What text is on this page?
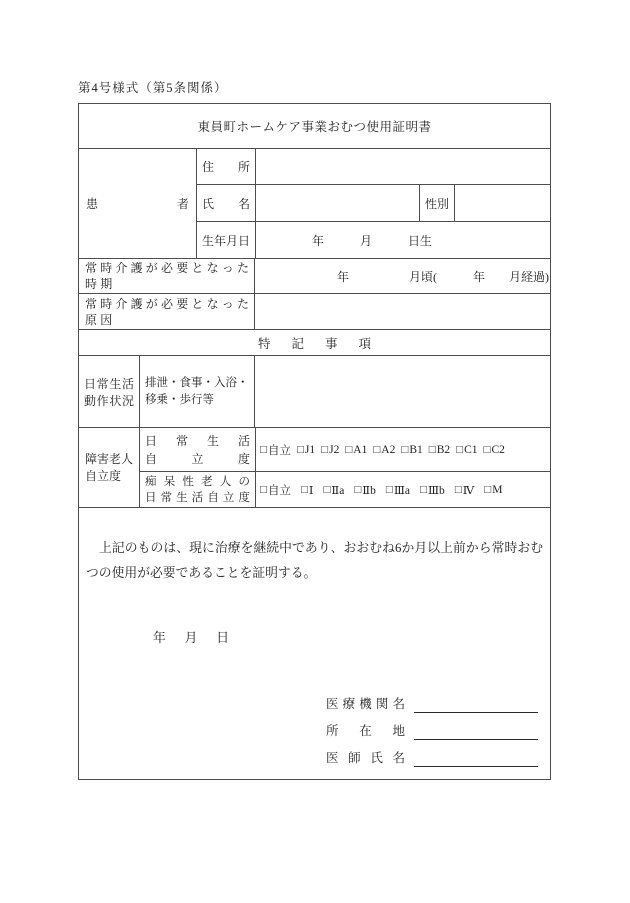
第4号様式（第5条関係）
東員町ホームケア事業おむつ使用証明書
患者
住所
氏名	性別
生年月日	年　　　月　　　日生
常時介護が必要となった
時期
年　　　　　月頃(　　　年　　月経過)
常時介護が必要となった
原因
特記事項
日常生活
動作状況
排泄・食事・入浴・
移乗・歩行等
障害老人
自立度
日常生活
自立度
□ 自立 □ J1 □ J2 □ A1 □ A2 □ B1 □ B2 □ C1 □ C2
痴呆性老人の
日常生活自立度
□ 自立 □ Ⅰ □ Ⅱa □ Ⅱb □ Ⅲa □ Ⅲb □ Ⅳ □ M
上記のものは、現に治療を継続中であり、おおむね6か月以上前から常時おむつの使用が必要であることを証明する。
年　月　日
医療機関名
所在地
医師氏名
